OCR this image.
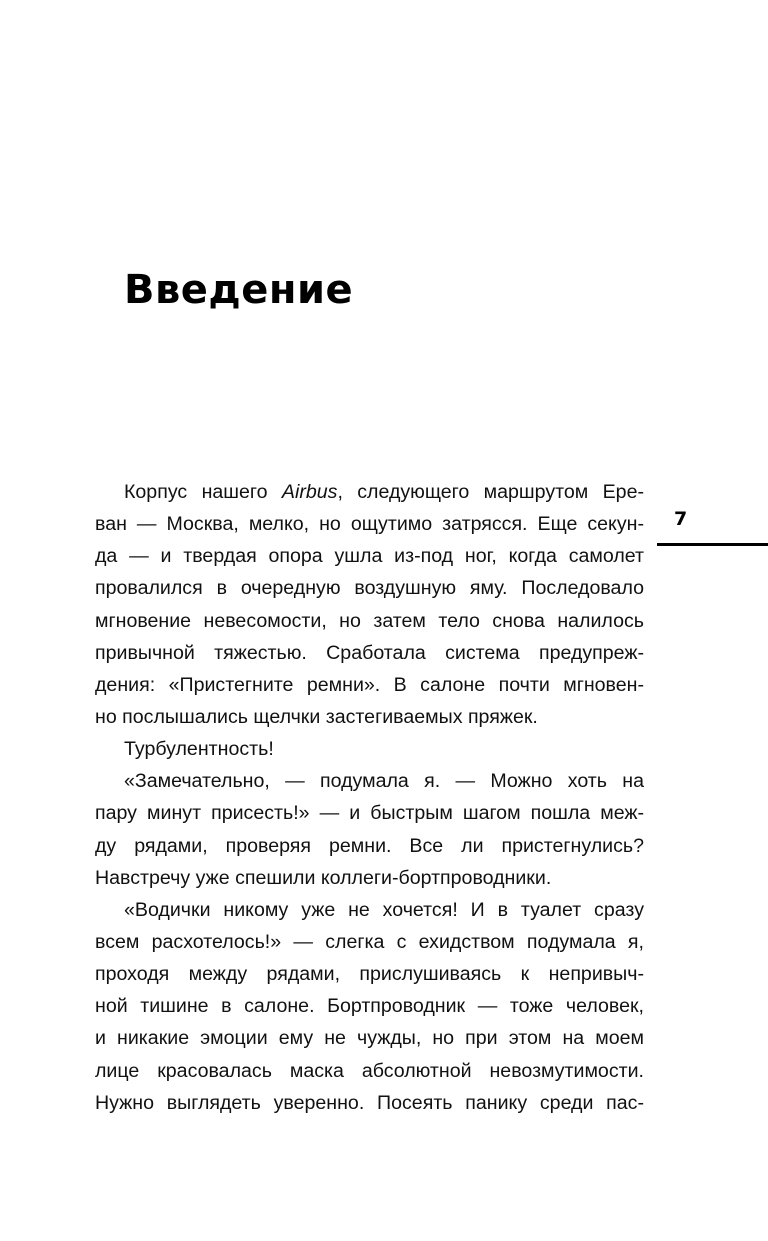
Введение
7
Корпус нашего Airbus, следующего маршрутом Ере-
ван — Москва, мелко, но ощутимо затрясся. Еще секун-
да — и твердая опора ушла из-под ног, когда самолет
провалился в очередную воздушную яму. Последовало
мгновение невесомости, но затем тело снова налилось
привычной тяжестью. Сработала система предупреж-
дения: «Пристегните ремни». В салоне почти мгновен-
но послышались щелчки застегиваемых пряжек.
Турбулентность!
«Замечательно, — подумала я. — Можно хоть на
пару минут присесть!» — и быстрым шагом пошла меж-
ду рядами, проверяя ремни. Все ли пристегнулись?
Навстречу уже спешили коллеги-бортпроводники.
«Водички никому уже не хочется! И в туалет сразу
всем расхотелось!» — слегка с ехидством подумала я,
проходя между рядами, прислушиваясь к непривыч-
ной тишине в салоне. Бортпроводник — тоже человек,
и никакие эмоции ему не чужды, но при этом на моем
лице красовалась маска абсолютной невозмутимости.
Нужно выглядеть уверенно. Посеять панику среди пас-
